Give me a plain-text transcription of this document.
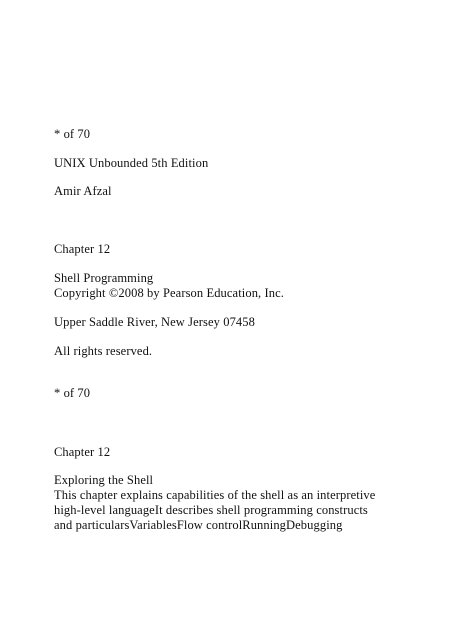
* of 70
UNIX Unbounded 5th Edition
Amir Afzal
Chapter 12
Shell Programming
Copyright ©2008 by Pearson Education, Inc.
Upper Saddle River, New Jersey 07458
All rights reserved.
* of 70
Chapter 12
Exploring the Shell
This chapter explains capabilities of the shell as an interpretive
high-level languageIt describes shell programming constructs
and particularsVariablesFlow controlRunningDebugging
